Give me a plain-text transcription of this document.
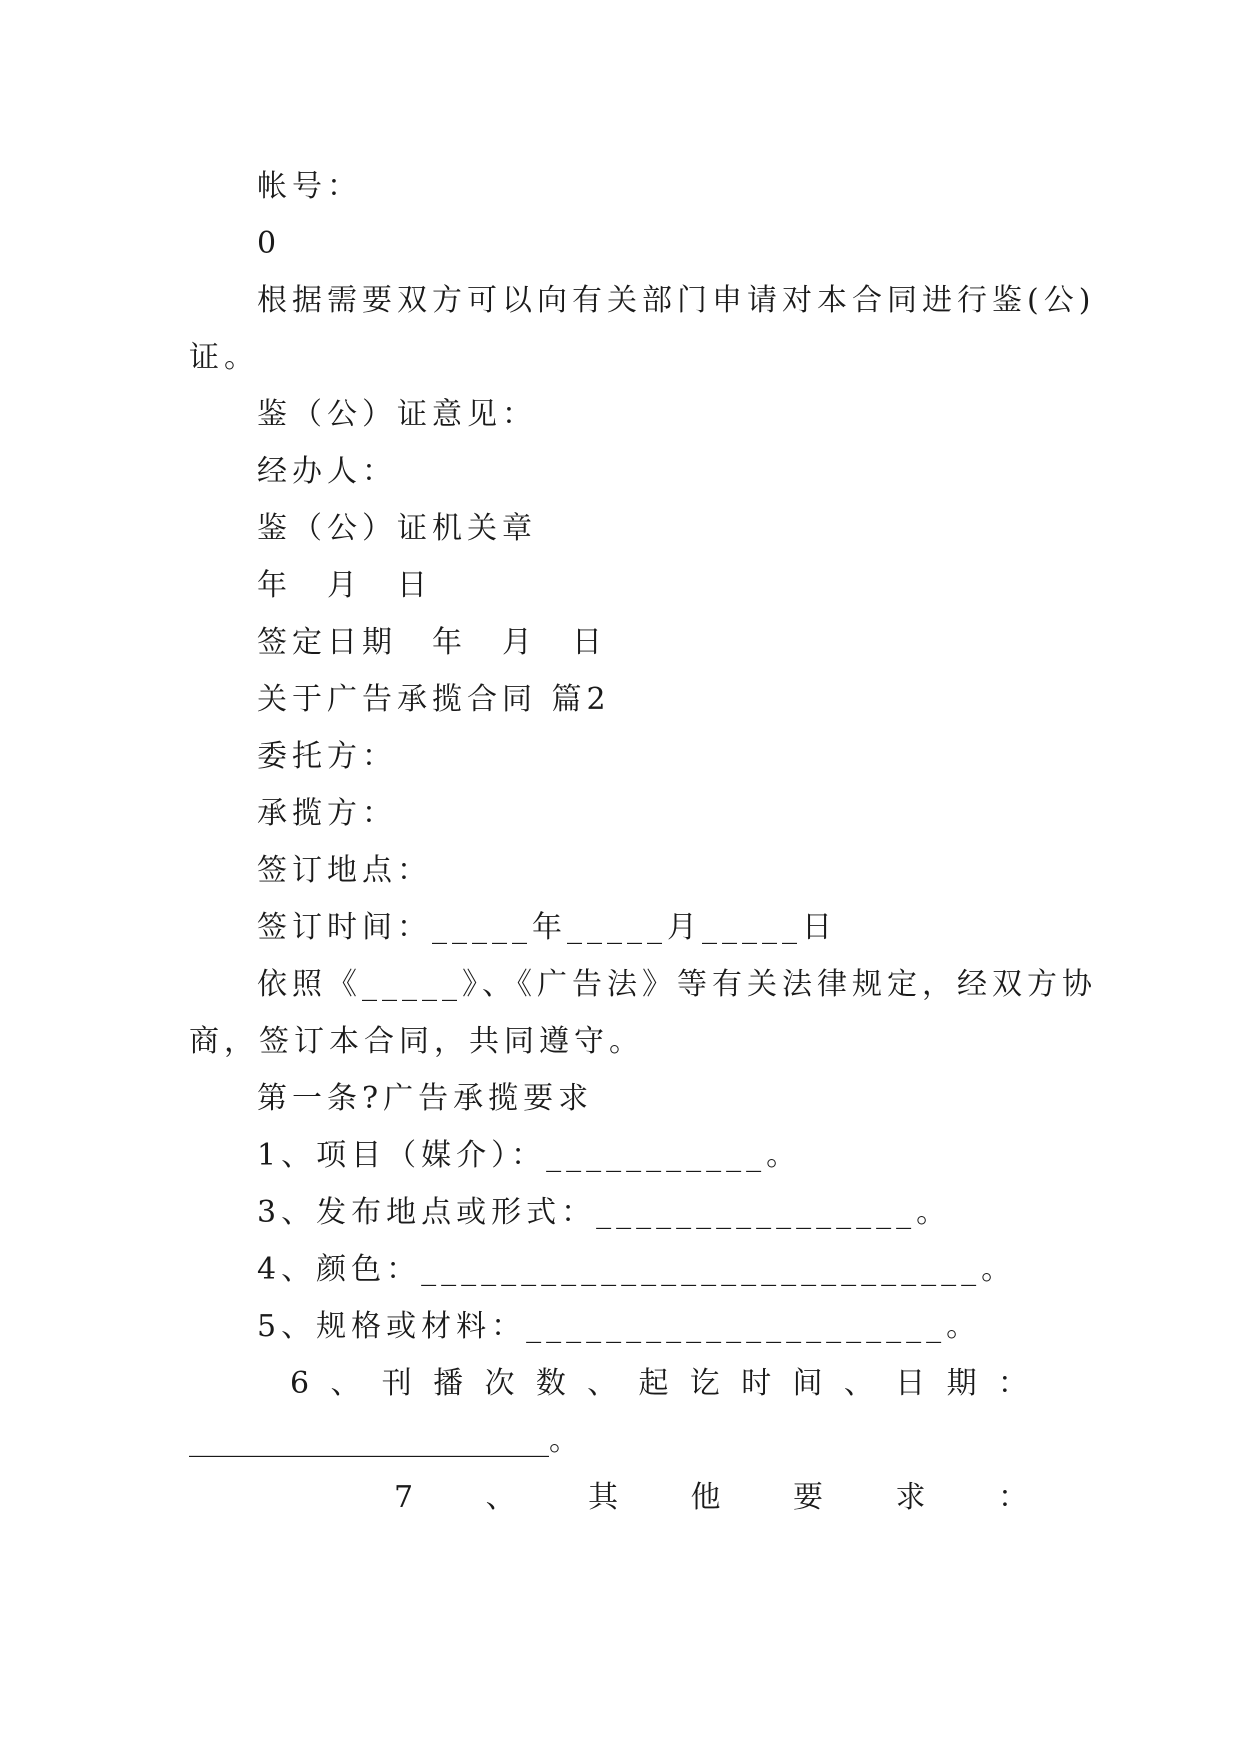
帐号：
0
根据需要双方可以向有关部门申请对本合同进行鉴(公)
证。
鉴（公）证意见：
经办人：
鉴（公）证机关章
年　月　日
签定日期　年　月　日
关于广告承揽合同 篇2
委托方：
承揽方：
签订地点：
签订时间：_____年_____月_____日
依照《_____》、《广告法》等有关法律规定，经双方协
商，签订本合同，共同遵守。
第一条?广告承揽要求
1、项目（媒介）：___________。
3、发布地点或形式：________________。
4、颜色：____________________________。
5、规格或材料：_____________________。
6 、 刊 播 次 数 、 起 讫 时 间 、 日 期 ：
________________________。
7 、 其 他 要 求 ：
